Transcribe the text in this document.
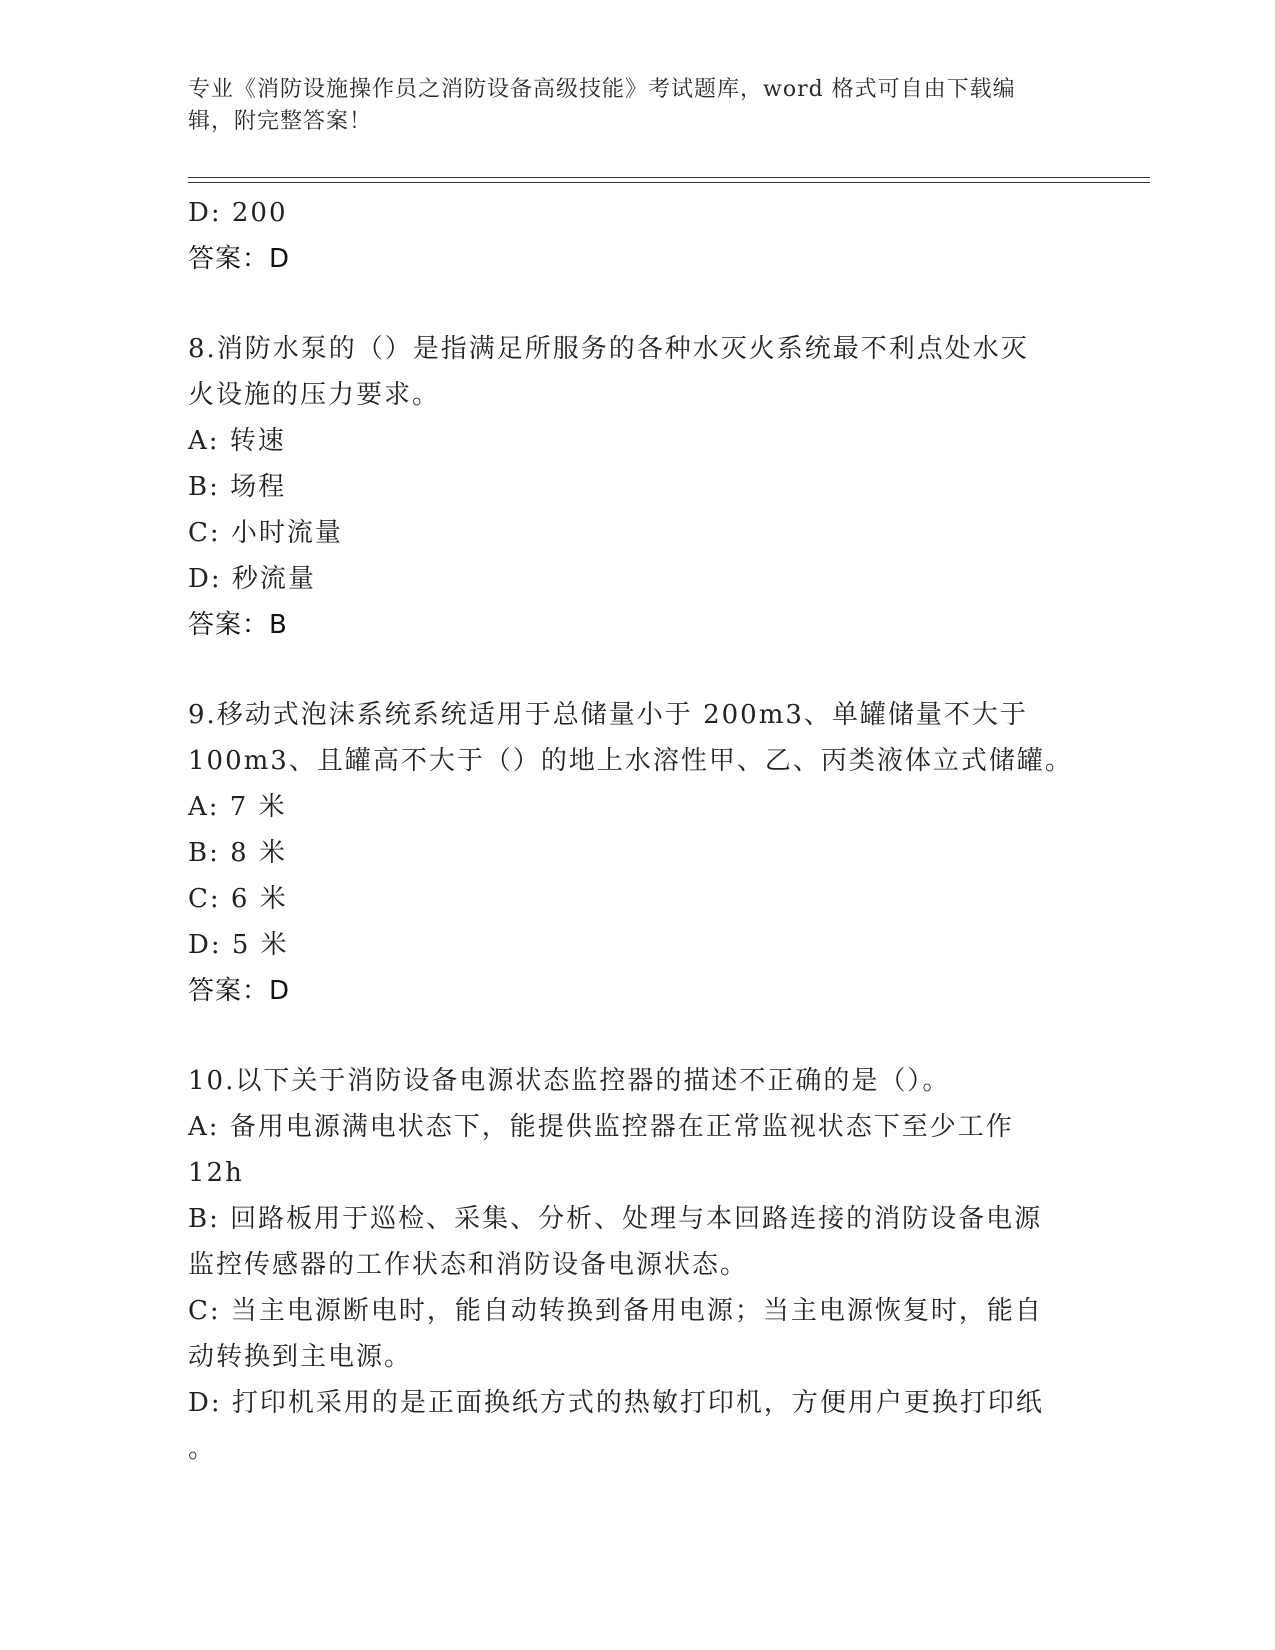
专业《消防设施操作员之消防设备高级技能》考试题库，word 格式可自由下载编
辑，附完整答案！
D: 200
答案：D
8.消防水泵的（）是指满足所服务的各种水灭火系统最不利点处水灭
火设施的压力要求。
A: 转速
B: 场程
C: 小时流量
D: 秒流量
答案：B
9.移动式泡沫系统系统适用于总储量小于 200m3、单罐储量不大于
100m3、且罐高不大于（）的地上水溶性甲、乙、丙类液体立式储罐。
A: 7 米
B: 8 米
C: 6 米
D: 5 米
答案：D
10.以下关于消防设备电源状态监控器的描述不正确的是（）。
A: 备用电源满电状态下，能提供监控器在正常监视状态下至少工作
12h
B: 回路板用于巡检、采集、分析、处理与本回路连接的消防设备电源
监控传感器的工作状态和消防设备电源状态。
C: 当主电源断电时，能自动转换到备用电源；当主电源恢复时，能自
动转换到主电源。
D: 打印机采用的是正面换纸方式的热敏打印机，方便用户更换打印纸
。
